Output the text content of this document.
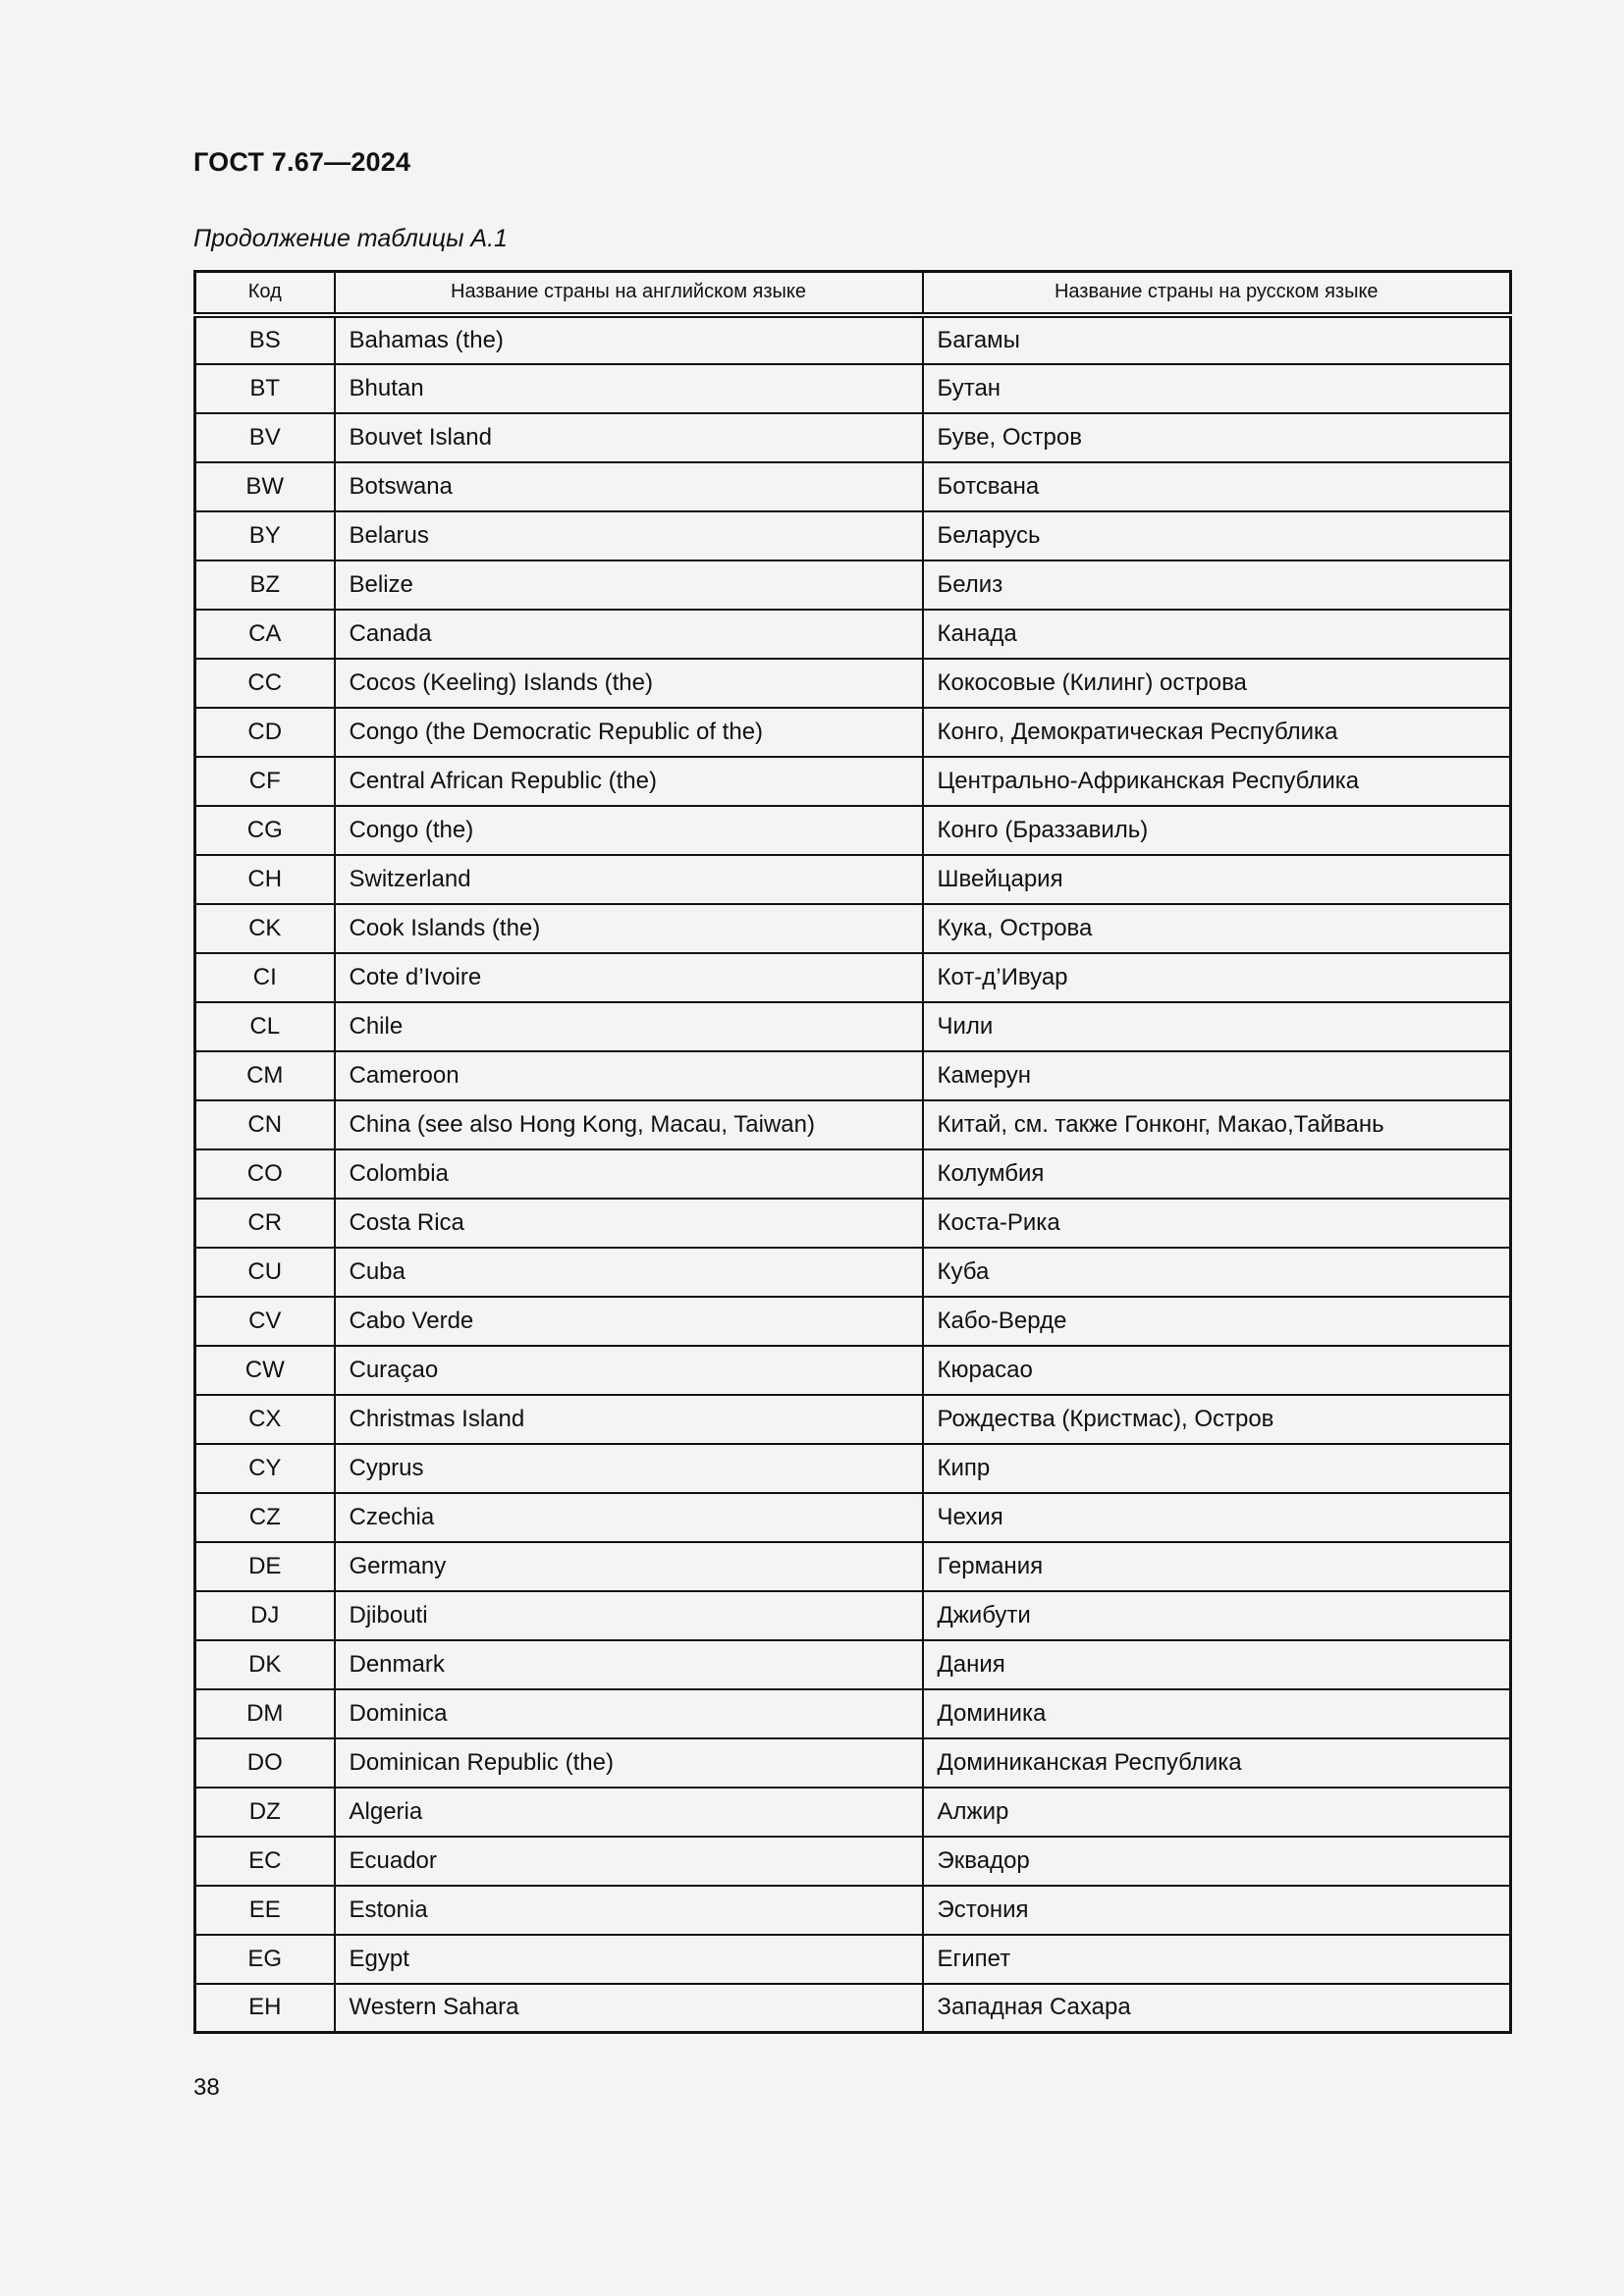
ГОСТ 7.67—2024
Продолжение таблицы А.1
Код	Название страны на английском языке	Название страны на русском языке
BS	Bahamas (the)	Багамы
BT	Bhutan	Бутан
BV	Bouvet Island	Буве, Остров
BW	Botswana	Ботсвана
BY	Belarus	Беларусь
BZ	Belize	Белиз
CA	Canada	Канада
CC	Cocos (Keeling) Islands (the)	Кокосовые (Килинг) острова
CD	Congo (the Democratic Republic of the)	Конго, Демократическая Республика
CF	Central African Republic (the)	Центрально-Африканская Республика
CG	Congo (the)	Конго (Браззавиль)
CH	Switzerland	Швейцария
CK	Cook Islands (the)	Кука, Острова
CI	Cote d’Ivoire	Кот-д’Ивуар
CL	Chile	Чили
CM	Cameroon	Камерун
CN	China (see also Hong Kong, Macau, Taiwan)	Китай, см. также Гонконг, Макао,Тайвань
CO	Colombia	Колумбия
CR	Costa Rica	Коста-Рика
CU	Cuba	Куба
CV	Cabo Verde	Кабо-Верде
CW	Curaçao	Кюрасао
CX	Christmas Island	Рождества (Кристмас), Остров
CY	Cyprus	Кипр
CZ	Czechia	Чехия
DE	Germany	Германия
DJ	Djibouti	Джибути
DK	Denmark	Дания
DM	Dominica	Доминика
DO	Dominican Republic (the)	Доминиканская Республика
DZ	Algeria	Алжир
EC	Ecuador	Эквадор
EE	Estonia	Эстония
EG	Egypt	Египет
EH	Western Sahara	Западная Сахара
38
